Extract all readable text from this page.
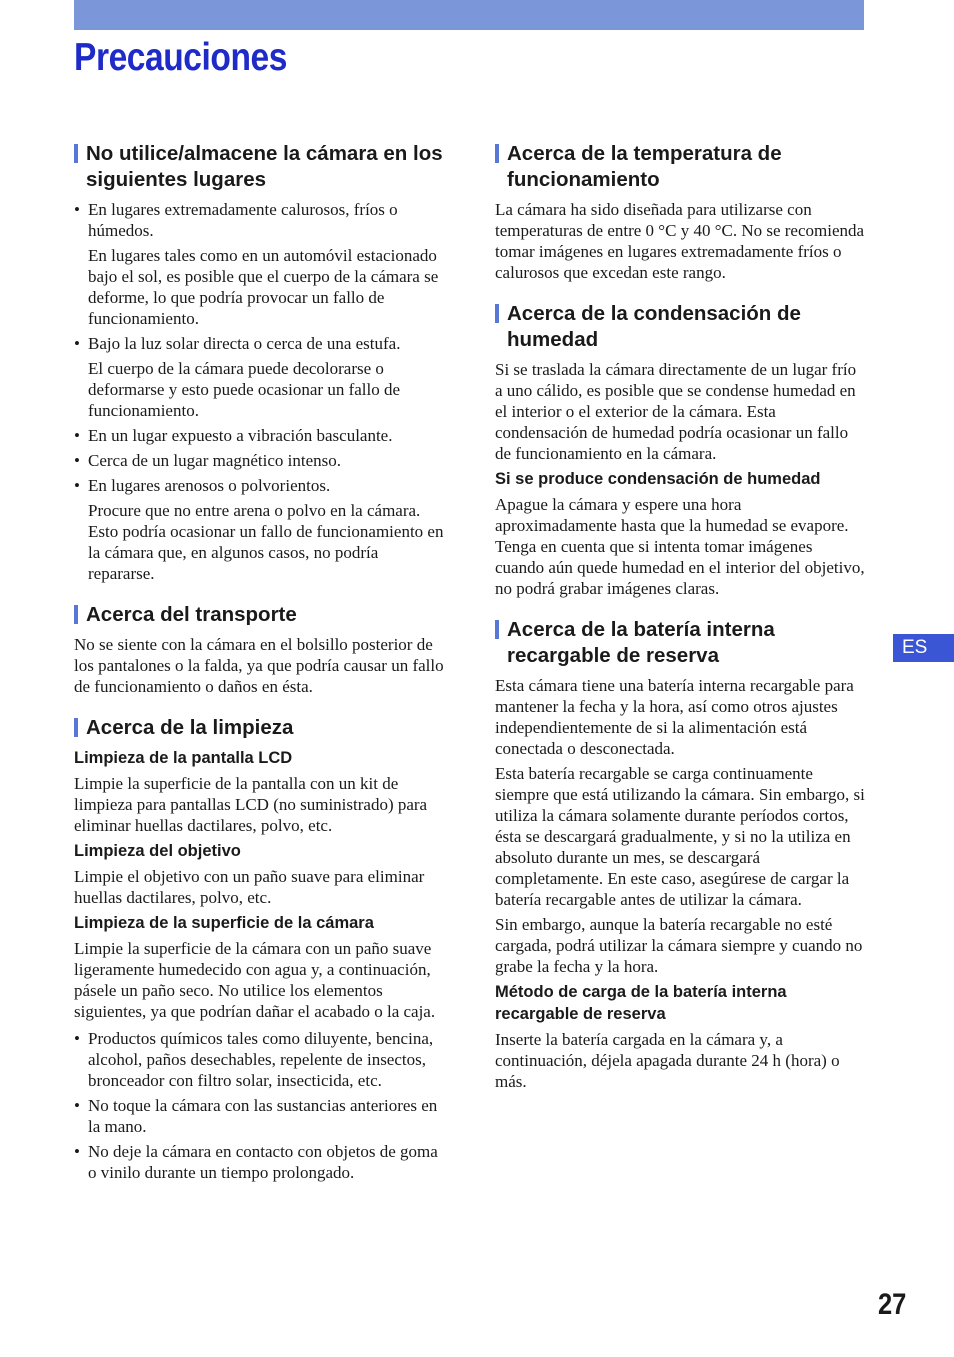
Precauciones
No utilice/almacene la cámara en los siguientes lugares
• En lugares extremadamente calurosos, fríos o húmedos.
En lugares tales como en un automóvil estacionado bajo el sol, es posible que el cuerpo de la cámara se deforme, lo que podría provocar un fallo de funcionamiento.
• Bajo la luz solar directa o cerca de una estufa.
El cuerpo de la cámara puede decolorarse o deformarse y esto puede ocasionar un fallo de funcionamiento.
• En un lugar expuesto a vibración basculante.
• Cerca de un lugar magnético intenso.
• En lugares arenosos o polvorientos.
Procure que no entre arena o polvo en la cámara. Esto podría ocasionar un fallo de funcionamiento en la cámara que, en algunos casos, no podría repararse.
Acerca del transporte

No se siente con la cámara en el bolsillo posterior de los pantalones o la falda, ya que podría causar un fallo de funcionamiento o daños en ésta.

Acerca de la limpieza
Limpieza de la pantalla LCD

Limpie la superficie de la pantalla con un kit de limpieza para pantallas LCD (no suministrado) para eliminar huellas dactilares, polvo, etc.

Limpieza del objetivo

Limpie el objetivo con un paño suave para eliminar huellas dactilares, polvo, etc.

Limpieza de la superficie de la cámara

Limpie la superficie de la cámara con un paño suave ligeramente humedecido con agua y, a continuación, pásele un paño seco. No utilice los elementos siguientes, ya que podrían dañar el acabado o la caja.

• Productos químicos tales como diluyente, bencina, alcohol, paños desechables, repelente de insectos, bronceador con filtro solar, insecticida, etc.
• No toque la cámara con las sustancias anteriores en la mano.
• No deje la cámara en contacto con objetos de goma o vinilo durante un tiempo prolongado.
Acerca de la temperatura de funcionamiento

La cámara ha sido diseñada para utilizarse con temperaturas de entre 0 °C y 40 °C. No se recomienda tomar imágenes en lugares extremadamente fríos o calurosos que excedan este rango.

Acerca de la condensación de humedad

Si se traslada la cámara directamente de un lugar frío a uno cálido, es posible que se condense humedad en el interior o el exterior de la cámara. Esta condensación de humedad podría ocasionar un fallo de funcionamiento en la cámara.

Si se produce condensación de humedad

Apague la cámara y espere una hora aproximadamente hasta que la humedad se evapore. Tenga en cuenta que si intenta tomar imágenes cuando aún quede humedad en el interior del objetivo, no podrá grabar imágenes claras.

Acerca de la batería interna recargable de reserva

Esta cámara tiene una batería interna recargable para mantener la fecha y la hora, así como otros ajustes independientemente de si la alimentación está conectada o desconectada.

Esta batería recargable se carga continuamente siempre que está utilizando la cámara. Sin embargo, si utiliza la cámara solamente durante períodos cortos, ésta se descargará gradualmente, y si no la utiliza en absoluto durante un mes, se descargará completamente. En este caso, asegúrese de cargar la batería recargable antes de utilizar la cámara.

Sin embargo, aunque la batería recargable no esté cargada, podrá utilizar la cámara siempre y cuando no grabe la fecha y la hora.

Método de carga de la batería interna recargable de reserva

Inserte la batería cargada en la cámara y, a continuación, déjela apagada durante 24 h (hora) o más.

ES
27
